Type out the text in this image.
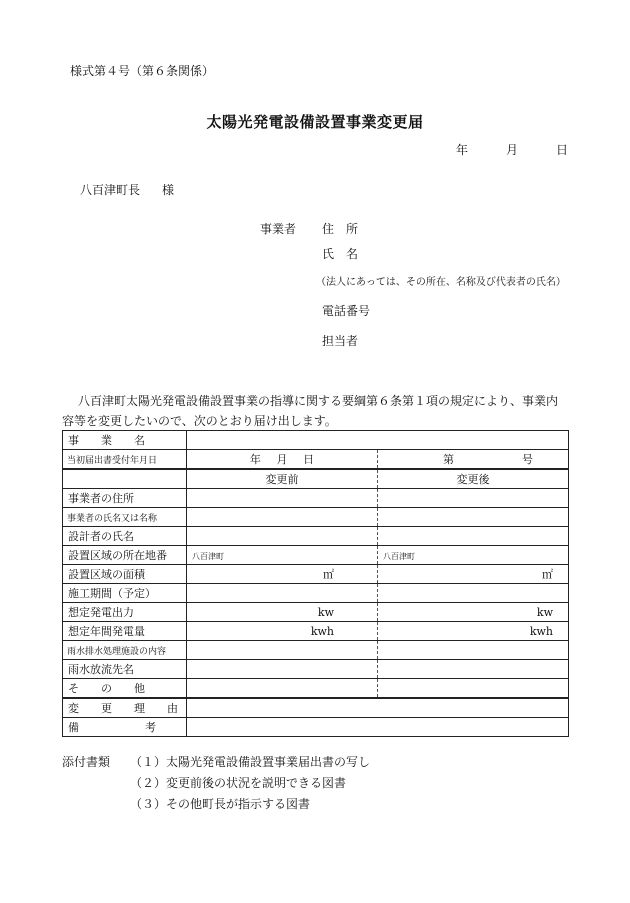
様式第４号（第６条関係）
太陽光発電設備設置事業変更届
年	月	日
八百津町長 様
事業者 住　所
氏　名
（法人にあっては、その所在、名称及び代表者の氏名）
電話番号
担当者
八百津町太陽光発電設備設置事業の指導に関する要綱第６条第１項の規定により、事業内
容等を変更したいので、次のとおり届け出します。
事　　業　　名		

当初届出書受付年月日	年 月 日	第 号

	変更前	変更後

事業者の住所		

事業者の氏名又は名称		

設計者の氏名		

設置区域の所在地番	八百津町	八百津町

設置区域の面積	㎡	㎡

施工期間（予定）		

想定発電出力	kw	kw

想定年間発電量	kwh	kwh

雨水排水処理施設の内容		

雨水放流先名		

そ　　の　　他		

変　　更　　理　　由		

備　　　　　　考		

添付書類 （１）太陽光発電設備設置事業届出書の写し
（２）変更前後の状況を説明できる図書
（３）その他町長が指示する図書
